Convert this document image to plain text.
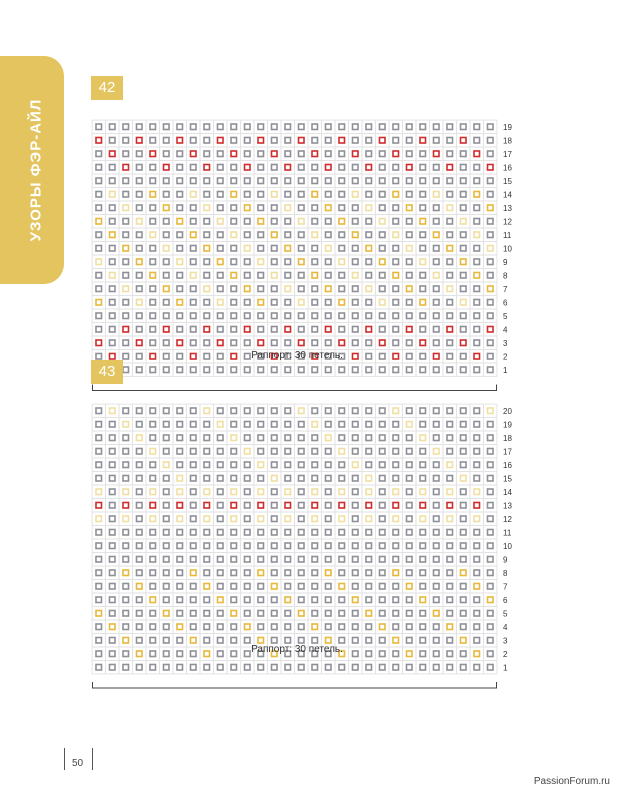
УЗОРЫ ФЭР-АЙЛ
42
19
18
17
16
15
14
13
12
11
10
9
8
7
6
5
4
3
2
1
Раппорт: 30 петель.
43
20
19
18
17
16
15
14
13
12
11
10
9
8
7
6
5
4
3
2
1
Раппорт: 30 петель.
50
PassionForum.ru
